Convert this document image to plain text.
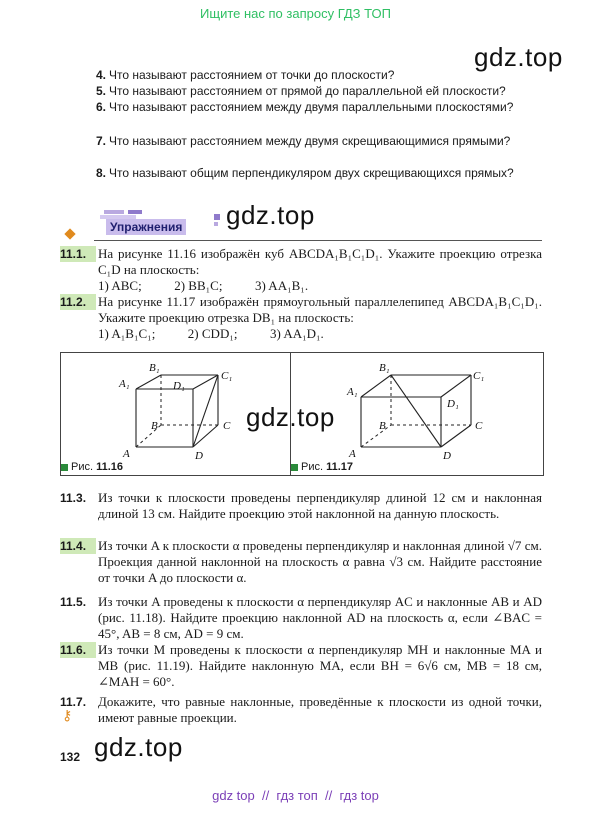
Ищите нас по запросу ГДЗ ТОП
gdz.top
4. Что называют расстоянием от точки до плоскости?
5. Что называют расстоянием от прямой до параллельной ей плоскости?
6. Что называют расстоянием между двумя параллельными плоскостями?
7. Что называют расстоянием между двумя скрещивающимися прямыми?
8. Что называют общим перпендикуляром двух скрещивающихся прямых?
Упражнения gdz.top
11.1. На рисунке 11.16 изображён куб ABCDA₁B₁C₁D₁. Укажите проекцию отрезка C₁D на плоскость:
1) ABC;          2) BB₁C;          3) AA₁B₁.
11.2. На рисунке 11.17 изображён прямоугольный параллелепипед ABCDA₁B₁C₁D₁. Укажите проекцию отрезка DB₁ на плоскость:
1) A₁B₁C₁;          2) CDD₁;          3) AA₁D₁.
A
B	C
D
A₁
B₁
C₁
D₁
Рис. 11.16
A
B	C
D
A₁
B₁
C₁
D₁
Рис. 11.17
gdz.top
11.3. Из точки к плоскости проведены перпендикуляр длиной 12 см и наклонная длиной 13 см. Найдите проекцию этой наклонной на данную плоскость.
11.4. Из точки A к плоскости α проведены перпендикуляр и наклонная длиной √7 см. Проекция данной наклонной на плоскость α равна √3 см. Найдите расстояние от точки A до плоскости α.
11.5. Из точки A проведены к плоскости α перпендикуляр AC и наклонные AB и AD (рис. 11.18). Найдите проекцию наклонной AD на плоскость α, если ∠BAC = 45°, AB = 8 см, AD = 9 см.
11.6. Из точки M проведены к плоскости α перпендикуляр MH и наклонные MA и MB (рис. 11.19). Найдите наклонную MA, если BH = 6√6 см, MB = 18 см, ∠MAH = 60°.
11.7. Докажите, что равные наклонные, проведённые к плоскости из одной точки, имеют равные проекции.
⚷
gdz.top
132
gdz top  //  гдз топ  //  гдз top
